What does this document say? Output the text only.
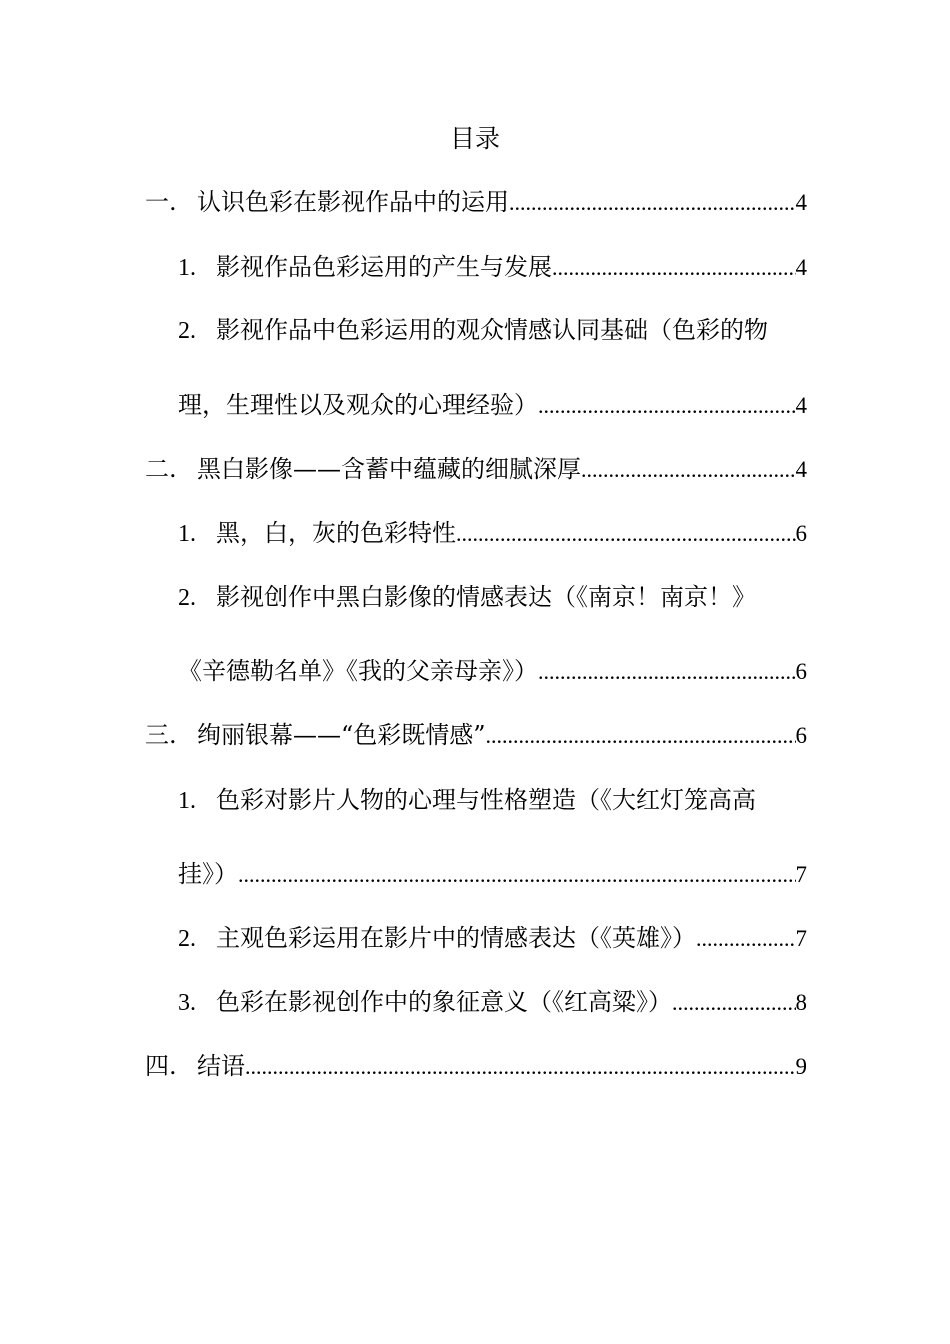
目录
一. 认识色彩在影视作品中的运用 .....	4
1. 影视作品色彩运用的产生与发展 .....	4
2. 影视作品中色彩运用的观众情感认同基础（色彩的物
理，生理性以及观众的心理经验） .....	4
二. 黑白影像——含蓄中蕴藏的细腻深厚 .....	4
1. 黑，白，灰的色彩特性 .....	6
2. 影视创作中黑白影像的情感表达（《南京！南京！》
《辛德勒名单》《我的父亲母亲》） .....	6
三. 绚丽银幕——“色彩既情感” .....	6
1. 色彩对影片人物的心理与性格塑造（《大红灯笼高高
挂》） .....	7
2. 主观色彩运用在影片中的情感表达（《英雄》） .....	7
3. 色彩在影视创作中的象征意义（《红高粱》） .....	8
四. 结语 .....	9
